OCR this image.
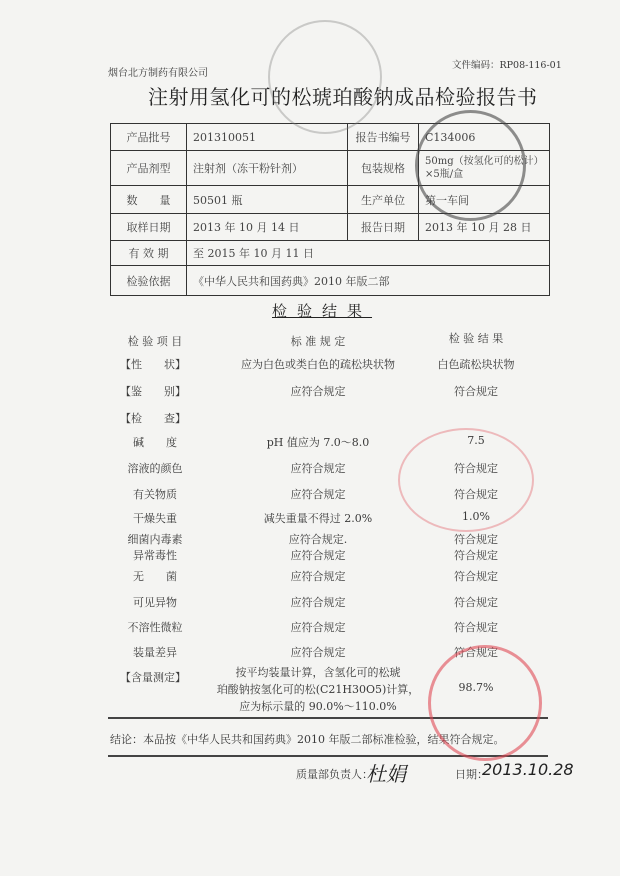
烟台北方制药有限公司
文件编码：RP08-116-01
注射用氢化可的松琥珀酸钠成品检验报告书
产品批号	201310051	报告书编号	C134006
产品剂型	注射剂（冻干粉针剂）	包装规格	50mg（按氢化可的松计）×5瓶/盒
数　　量	50501 瓶	生产单位	第一车间
取样日期	2013 年 10 月 14 日	报告日期	2013 年 10 月 28 日
有 效 期	至 2015 年 10 月 11 日		
检验依据	《中华人民共和国药典》2010 年版二部		
检验结果
检 验 项 目	标 准 规 定	检 验 结 果
【性　　状】	应为白色或类白色的疏松块状物	白色疏松块状物
【鉴　　别】	应符合规定	符合规定
【检　　查】
碱　　度	pH 值应为 7.0～8.0	7.5
溶液的颜色	应符合规定	符合规定
有关物质	应符合规定	符合规定
干燥失重	减失重量不得过 2.0%	1.0%
细菌内毒素	应符合规定.	符合规定
异常毒性	应符合规定	符合规定
无　　菌	应符合规定	符合规定
可见异物	应符合规定	符合规定
不溶性微粒	应符合规定	符合规定
装量差异	应符合规定	符合规定
【含量测定】	按平均装量计算，含氢化可的松琥
珀酸钠按氢化可的松(C21H30O5)计算，
应为标示量的 90.0%～110.0%
98.7%
结论：本品按《中华人民共和国药典》2010 年版二部标准检验，结果符合规定。
质量部负责人：
杜娟	日期：
2013.10.28
